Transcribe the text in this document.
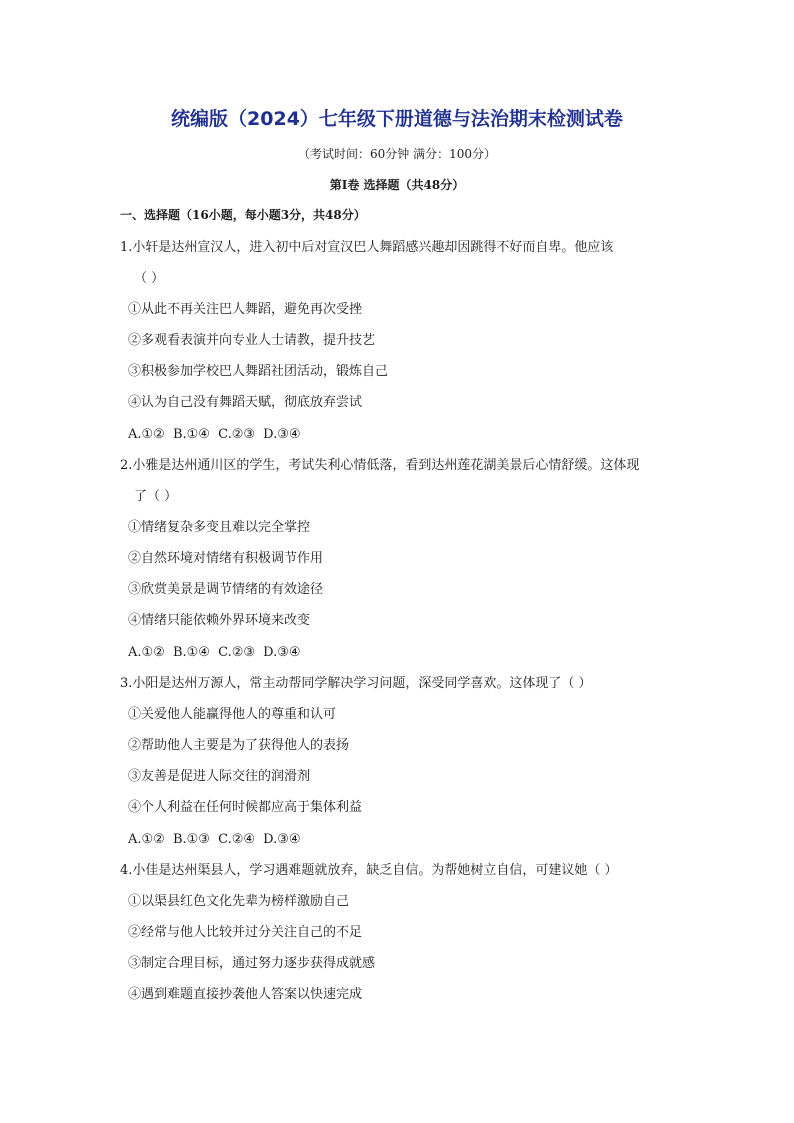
统编版（2024）七年级下册道德与法治期末检测试卷
（考试时间：60分钟 满分：100分）
第Ⅰ卷 选择题（共48分）
一、选择题（16小题，每小题3分，共48分）
1.小轩是达州宣汉人，进入初中后对宣汉巴人舞蹈感兴趣却因跳得不好而自卑。他应该
（ ）
①从此不再关注巴人舞蹈，避免再次受挫
②多观看表演并向专业人士请教，提升技艺
③积极参加学校巴人舞蹈社团活动，锻炼自己
④认为自己没有舞蹈天赋，彻底放弃尝试
A.①② B.①④ C.②③ D.③④
2.小雅是达州通川区的学生，考试失利心情低落，看到达州莲花湖美景后心情舒缓。这体现
了（ ）
①情绪复杂多变且难以完全掌控
②自然环境对情绪有积极调节作用
③欣赏美景是调节情绪的有效途径
④情绪只能依赖外界环境来改变
A.①② B.①④ C.②③ D.③④
3.小阳是达州万源人，常主动帮同学解决学习问题，深受同学喜欢。这体现了（ ）
①关爱他人能赢得他人的尊重和认可
②帮助他人主要是为了获得他人的表扬
③友善是促进人际交往的润滑剂
④个人利益在任何时候都应高于集体利益
A.①② B.①③ C.②④ D.③④
4.小佳是达州渠县人，学习遇难题就放弃，缺乏自信。为帮她树立自信，可建议她（ ）
①以渠县红色文化先辈为榜样激励自己
②经常与他人比较并过分关注自己的不足
③制定合理目标，通过努力逐步获得成就感
④遇到难题直接抄袭他人答案以快速完成
